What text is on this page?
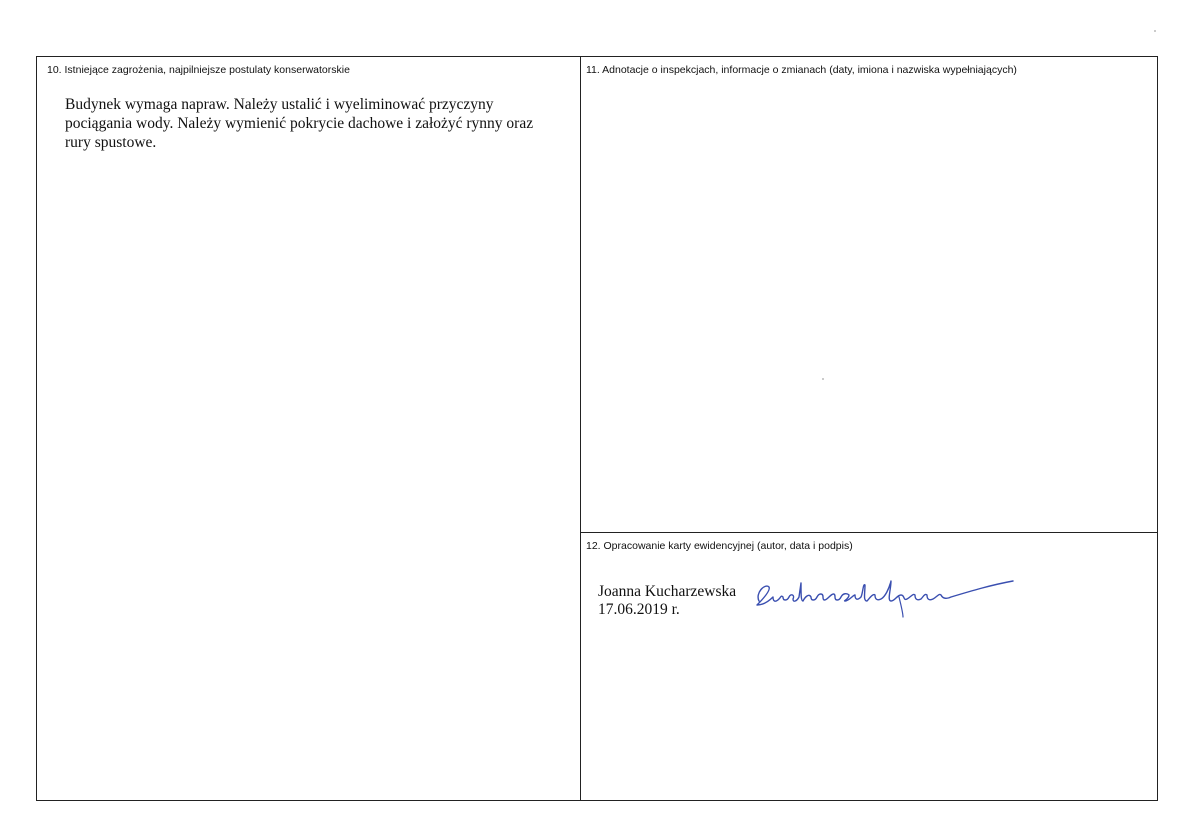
10. Istniejące zagrożenia, najpilniejsze postulaty konserwatorskie
Budynek wymaga napraw. Należy ustalić i wyeliminować przyczyny pociągania wody. Należy wymienić pokrycie dachowe i założyć rynny oraz rury spustowe.
11. Adnotacje o inspekcjach, informacje o zmianach (daty, imiona i nazwiska wypełniających)
12. Opracowanie karty ewidencyjnej (autor, data i podpis)
Joanna Kucharzewska
17.06.2019 r.
